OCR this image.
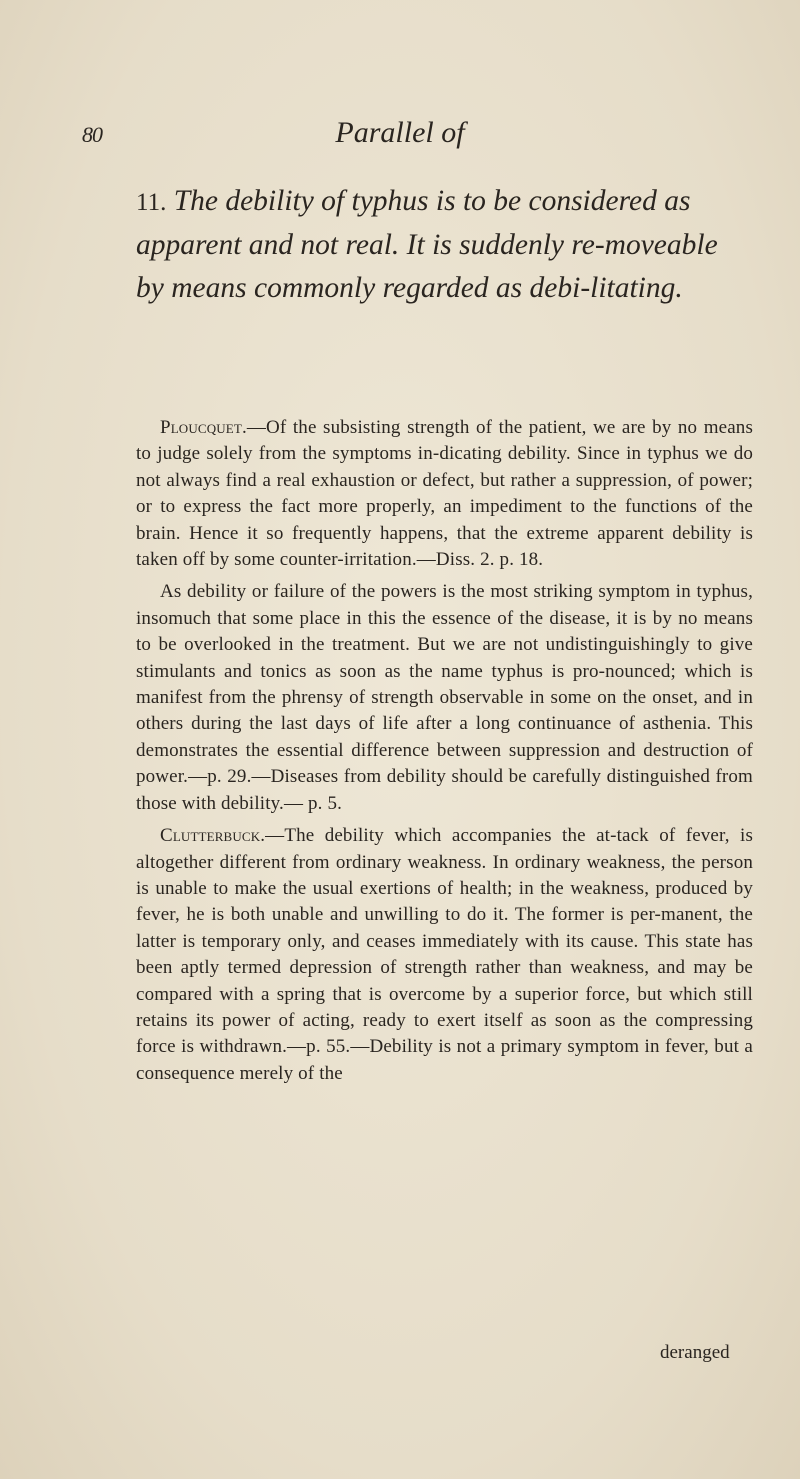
80	Parallel of
11. The debility of typhus is to be considered as apparent and not real. It is suddenly re-moveable by means commonly regarded as debi-litating.

Ploucquet.—Of the subsisting strength of the patient, we are by no means to judge solely from the symptoms in-dicating debility. Since in typhus we do not always find a real exhaustion or defect, but rather a suppression, of power; or to express the fact more properly, an impediment to the functions of the brain. Hence it so frequently happens, that the extreme apparent debility is taken off by some counter-irritation.—Diss. 2. p. 18.

As debility or failure of the powers is the most striking symptom in typhus, insomuch that some place in this the essence of the disease, it is by no means to be overlooked in the treatment. But we are not undistinguishingly to give stimulants and tonics as soon as the name typhus is pro-nounced; which is manifest from the phrensy of strength observable in some on the onset, and in others during the last days of life after a long continuance of asthenia. This demonstrates the essential difference between suppression and destruction of power.—p. 29.—Diseases from debility should be carefully distinguished from those with debility.— p. 5.

Clutterbuck.—The debility which accompanies the at-tack of fever, is altogether different from ordinary weakness. In ordinary weakness, the person is unable to make the usual exertions of health; in the weakness, produced by fever, he is both unable and unwilling to do it. The former is per-manent, the latter is temporary only, and ceases immediately with its cause. This state has been aptly termed depression of strength rather than weakness, and may be compared with a spring that is overcome by a superior force, but which still retains its power of acting, ready to exert itself as soon as the compressing force is withdrawn.—p. 55.—Debility is not a primary symptom in fever, but a consequence merely of the

deranged
